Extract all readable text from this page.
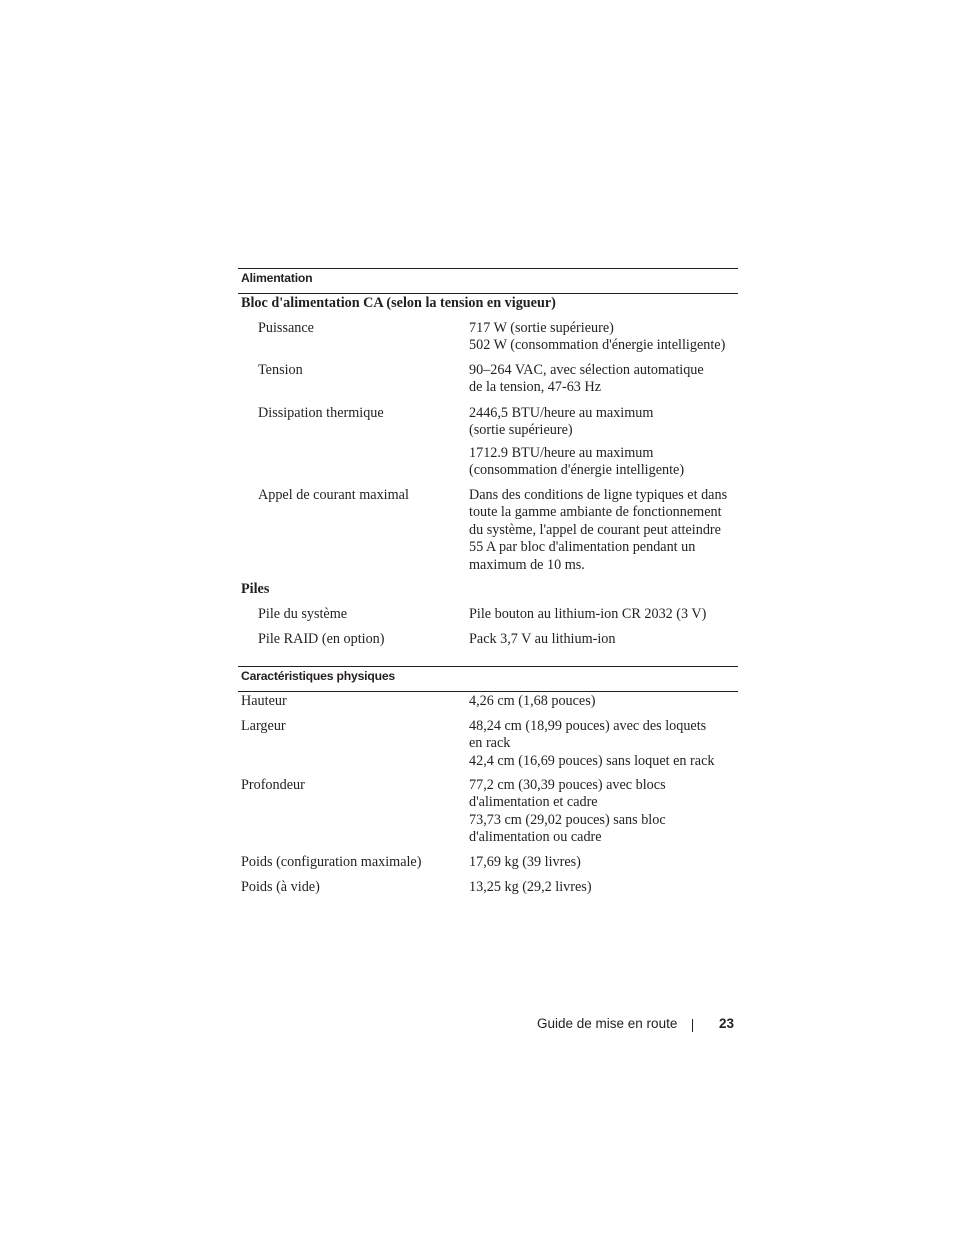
Alimentation
Bloc d'alimentation CA (selon la tension en vigueur)
Puissance	717 W (sortie supérieure)
502 W (consommation d'énergie intelligente)
Tension	90–264 VAC, avec sélection automatique
de la tension, 47-63 Hz
Dissipation thermique	2446,5 BTU/heure au maximum
(sortie supérieure)
1712.9 BTU/heure au maximum
(consommation d'énergie intelligente)
Appel de courant maximal	Dans des conditions de ligne typiques et dans
toute la gamme ambiante de fonctionnement
du système, l'appel de courant peut atteindre
55 A par bloc d'alimentation pendant un
maximum de 10 ms.
Piles
Pile du système	Pile bouton au lithium-ion CR 2032 (3 V)
Pile RAID (en option)	Pack 3,7 V au lithium-ion
Caractéristiques physiques
Hauteur	4,26 cm (1,68 pouces)
Largeur	48,24 cm (18,99 pouces) avec des loquets
en rack
42,4 cm (16,69 pouces) sans loquet en rack
Profondeur	77,2 cm (30,39 pouces) avec blocs
d'alimentation et cadre
73,73 cm (29,02 pouces) sans bloc
d'alimentation ou cadre
Poids (configuration maximale)	17,69 kg (39 livres)
Poids (à vide)	13,25 kg (29,2 livres)
Guide de mise en route	23
